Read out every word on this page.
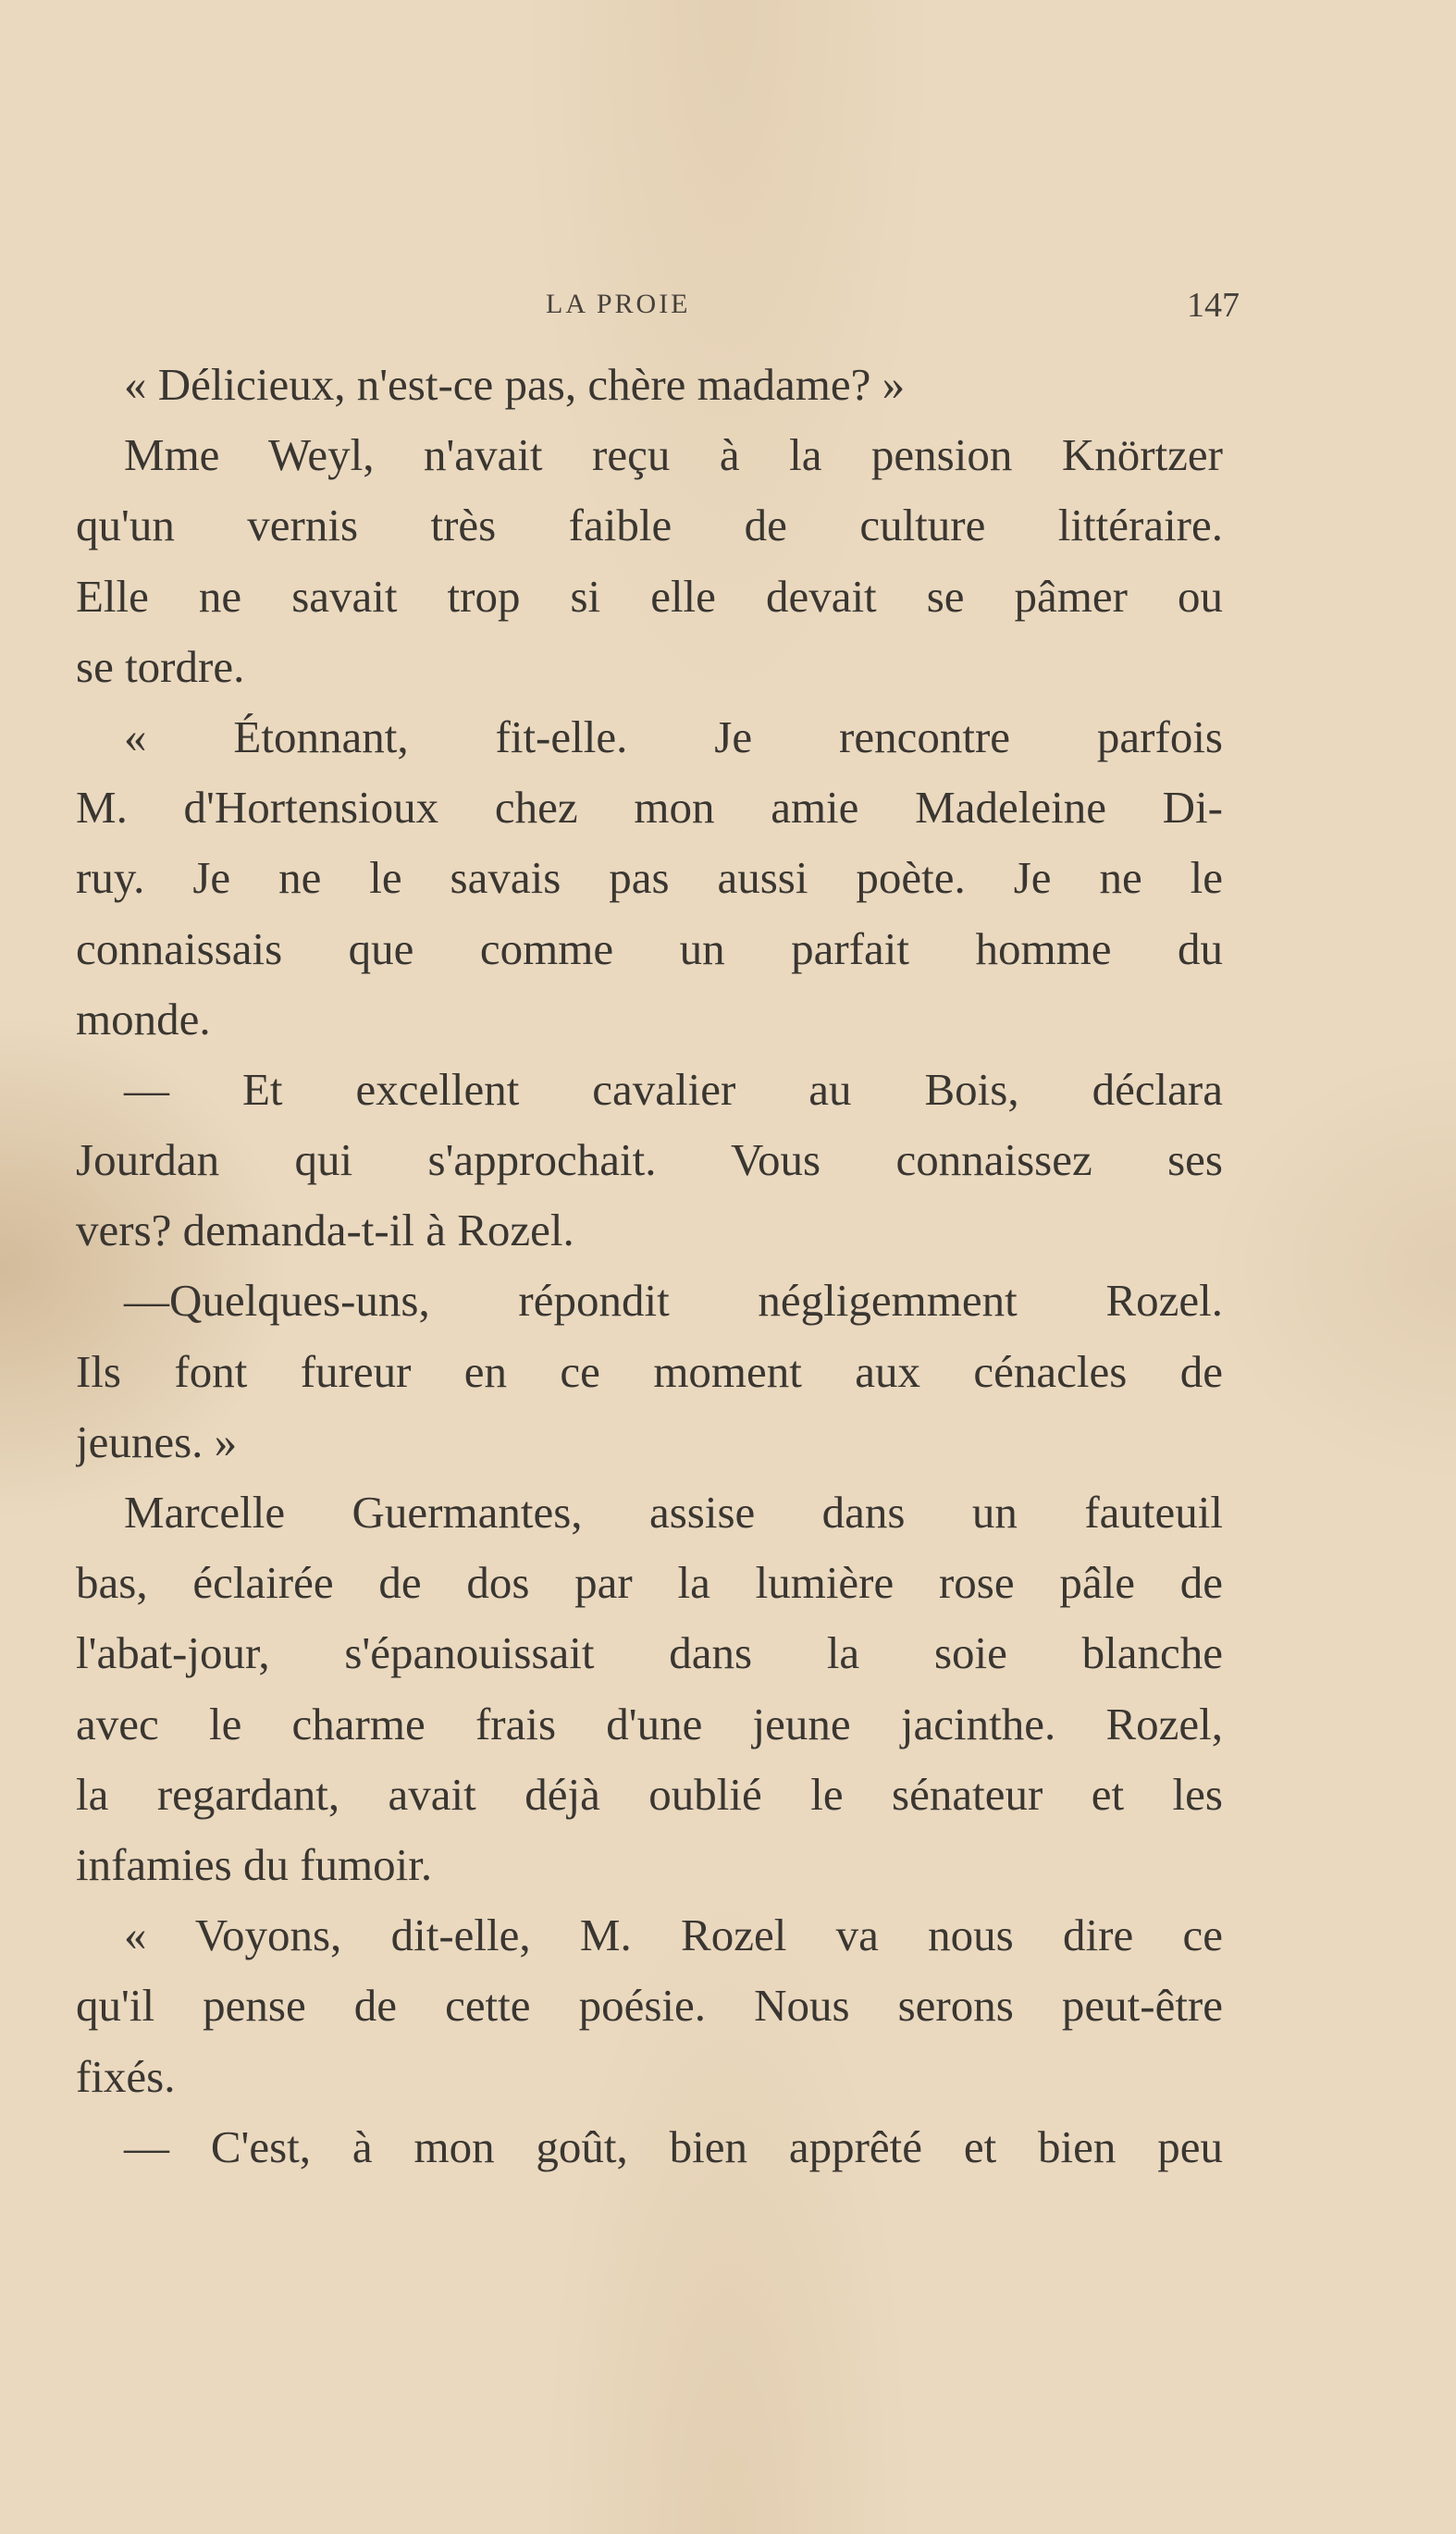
LA PROIE	147
« Délicieux, n'est-ce pas, chère madame? »
Mme Weyl, n'avait reçu à la pension Knörtzer
qu'un vernis très faible de culture littéraire.
Elle ne savait trop si elle devait se pâmer ou
se tordre.
« Étonnant, fit-elle. Je rencontre parfois
M. d'Hortensioux chez mon amie Madeleine Di-
ruy. Je ne le savais pas aussi poète. Je ne le
connaissais que comme un parfait homme du
monde.
— Et excellent cavalier au Bois, déclara
Jourdan qui s'approchait. Vous connaissez ses
vers? demanda-t-il à Rozel.
—Quelques-uns, répondit négligemment Rozel.
Ils font fureur en ce moment aux cénacles de
jeunes. »
Marcelle Guermantes, assise dans un fauteuil
bas, éclairée de dos par la lumière rose pâle de
l'abat-jour, s'épanouissait dans la soie blanche
avec le charme frais d'une jeune jacinthe. Rozel,
la regardant, avait déjà oublié le sénateur et les
infamies du fumoir.
« Voyons, dit-elle, M. Rozel va nous dire ce
qu'il pense de cette poésie. Nous serons peut-être
fixés.
— C'est, à mon goût, bien apprêté et bien peu
